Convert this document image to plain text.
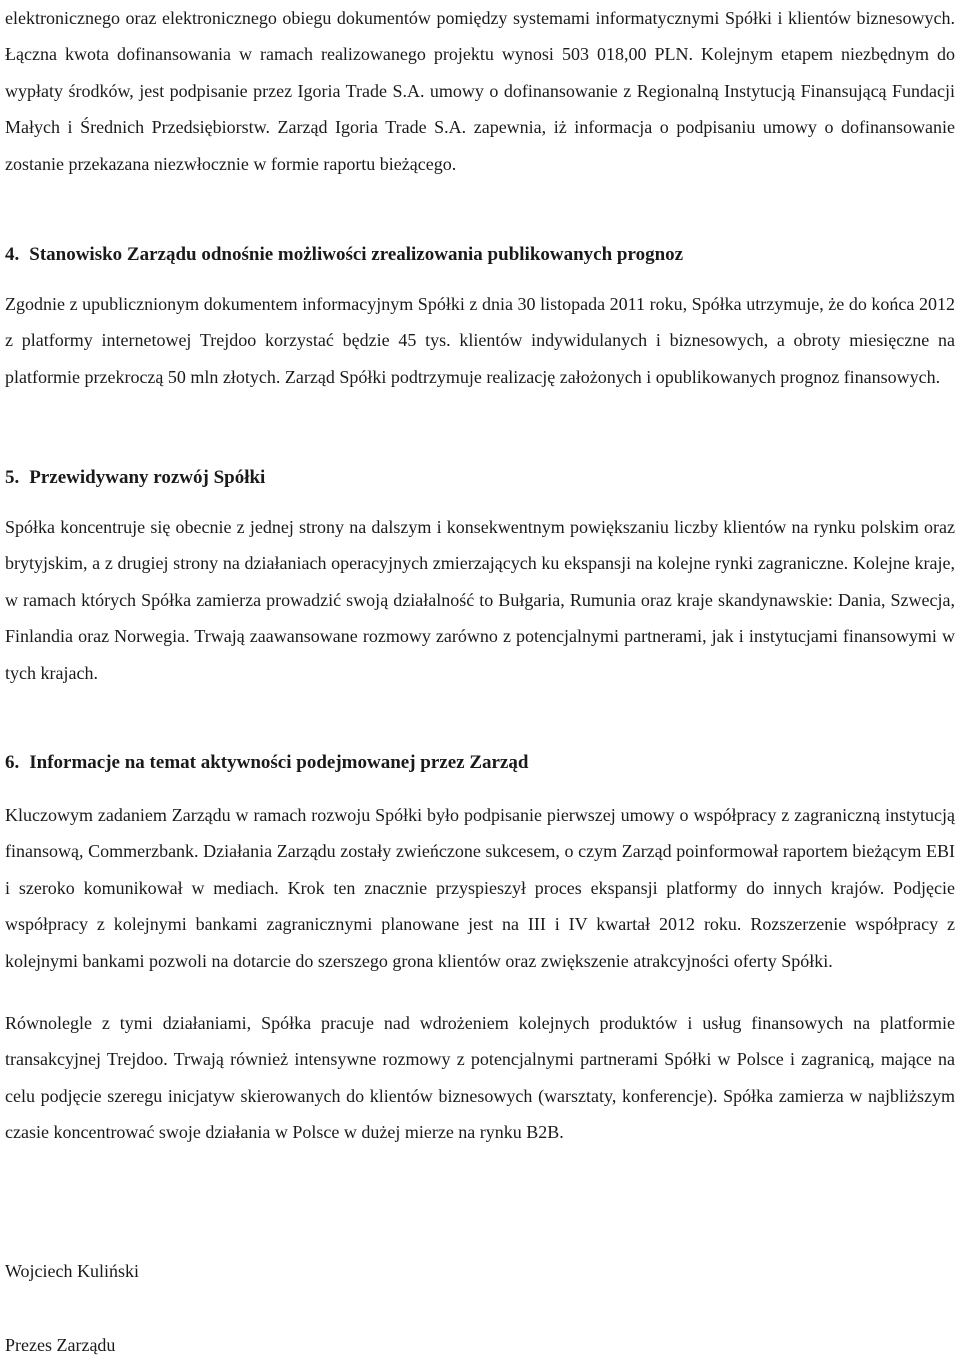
elektronicznego oraz elektronicznego obiegu dokumentów pomiędzy systemami informatycznymi Spółki i klientów biznesowych. Łączna kwota dofinansowania w ramach realizowanego projektu wynosi 503 018,00 PLN. Kolejnym etapem niezbędnym do wypłaty środków, jest podpisanie przez Igoria Trade S.A. umowy o dofinansowanie z Regionalną Instytucją Finansującą Fundacji Małych i Średnich Przedsiębiorstw. Zarząd Igoria Trade S.A. zapewnia, iż informacja o podpisaniu umowy o dofinansowanie zostanie przekazana niezwłocznie w formie raportu bieżącego.

4. Stanowisko Zarządu odnośnie możliwości zrealizowania publikowanych prognoz

Zgodnie z upublicznionym dokumentem informacyjnym Spółki z dnia 30 listopada 2011 roku, Spółka utrzymuje, że do końca 2012 z platformy internetowej Trejdoo korzystać będzie 45 tys. klientów indywidulanych i biznesowych, a obroty miesięczne na platformie przekroczą 50 mln złotych. Zarząd Spółki podtrzymuje realizację założonych i opublikowanych prognoz finansowych.

5. Przewidywany rozwój Spółki

Spółka koncentruje się obecnie z jednej strony na dalszym i konsekwentnym powiększaniu liczby klientów na rynku polskim oraz brytyjskim, a z drugiej strony na działaniach operacyjnych zmierzających ku ekspansji na kolejne rynki zagraniczne. Kolejne kraje, w ramach których Spółka zamierza prowadzić swoją działalność to Bułgaria, Rumunia oraz kraje skandynawskie: Dania, Szwecja, Finlandia oraz Norwegia. Trwają zaawansowane rozmowy zarówno z potencjalnymi partnerami, jak i instytucjami finansowymi w tych krajach.

6. Informacje na temat aktywności podejmowanej przez Zarząd

Kluczowym zadaniem Zarządu w ramach rozwoju Spółki było podpisanie pierwszej umowy o współpracy z zagraniczną instytucją finansową, Commerzbank. Działania Zarządu zostały zwieńczone sukcesem, o czym Zarząd poinformował raportem bieżącym EBI i szeroko komunikował w mediach. Krok ten znacznie przyspieszył proces ekspansji platformy do innych krajów. Podjęcie współpracy z kolejnymi bankami zagranicznymi planowane jest na III i IV kwartał 2012 roku. Rozszerzenie współpracy z kolejnymi bankami pozwoli na dotarcie do szerszego grona klientów oraz zwiększenie atrakcyjności oferty Spółki.

Równolegle z tymi działaniami, Spółka pracuje nad wdrożeniem kolejnych produktów i usług finansowych na platformie transakcyjnej Trejdoo. Trwają również intensywne rozmowy z potencjalnymi partnerami Spółki w Polsce i zagranicą, mające na celu podjęcie szeregu inicjatyw skierowanych do klientów biznesowych (warsztaty, konferencje). Spółka zamierza w najbliższym czasie koncentrować swoje działania w Polsce w dużej mierze na rynku B2B.

Wojciech Kuliński
Prezes Zarządu
